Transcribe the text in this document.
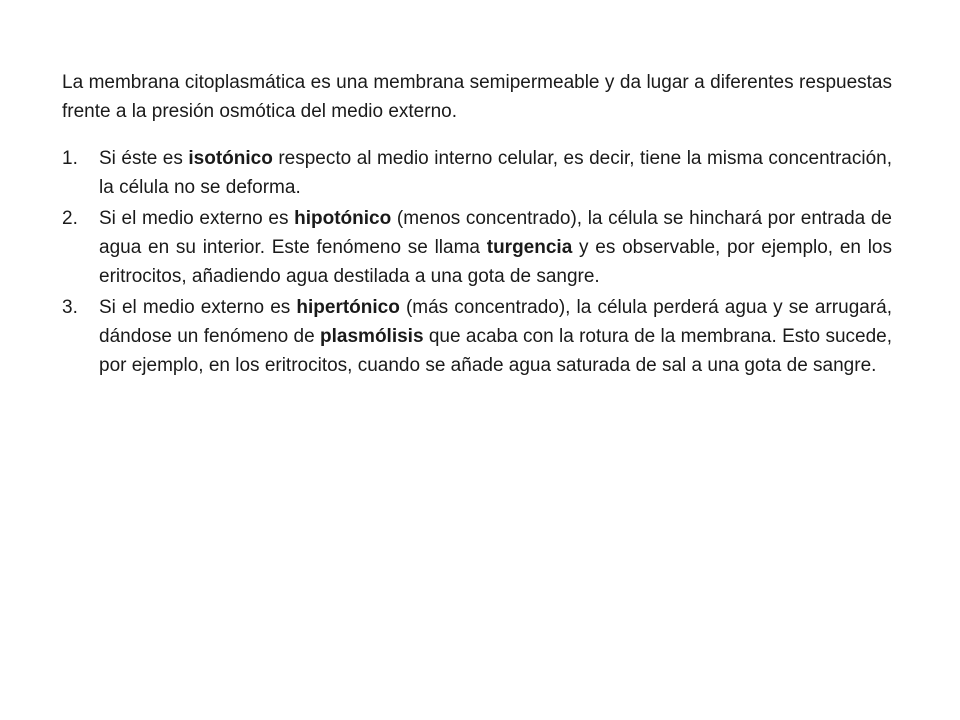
La membrana citoplasmática es una membrana semipermeable y da lugar a diferentes respuestas frente a la presión osmótica del medio externo.

1. Si éste es isotónico respecto al medio interno celular, es decir, tiene la misma concentración, la célula no se deforma.
2. Si el medio externo es hipotónico (menos concentrado), la célula se hinchará por entrada de agua en su interior. Este fenómeno se llama turgencia y es observable, por ejemplo, en los eritrocitos, añadiendo agua destilada a una gota de sangre.
3. Si el medio externo es hipertónico (más concentrado), la célula perderá agua y se arrugará, dándose un fenómeno de plasmólisis que acaba con la rotura de la membrana. Esto sucede, por ejemplo, en los eritrocitos, cuando se añade agua saturada de sal a una gota de sangre.
